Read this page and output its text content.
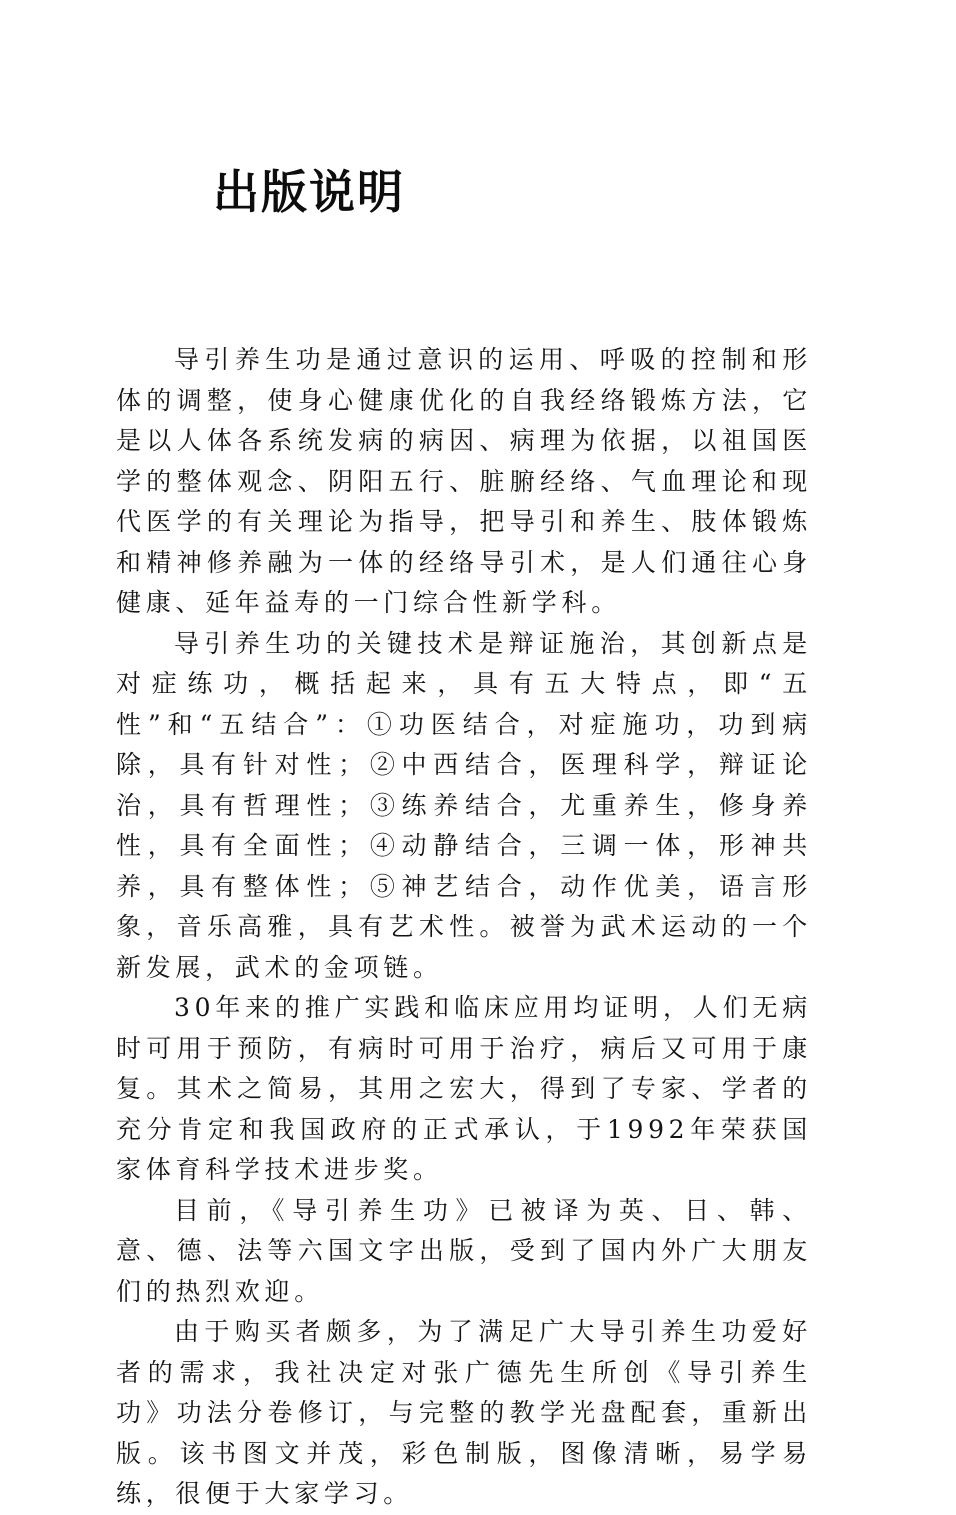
出版说明

导引养生功是通过意识的运用、呼吸的控制和形体的调整，使身心健康优化的自我经络锻炼方法，它是以人体各系统发病的病因、病理为依据，以祖国医学的整体观念、阴阳五行、脏腑经络、气血理论和现代医学的有关理论为指导，把导引和养生、肢体锻炼和精神修养融为一体的经络导引术，是人们通往心身健康、延年益寿的一门综合性新学科。

导引养生功的关键技术是辩证施治，其创新点是对症练功，概括起来，具有五大特点，即“五性”和“五结合”：①功医结合，对症施功，功到病除，具有针对性；②中西结合，医理科学，辩证论治，具有哲理性；③练养结合，尤重养生，修身养性，具有全面性；④动静结合，三调一体，形神共养，具有整体性；⑤神艺结合，动作优美，语言形象，音乐高雅，具有艺术性。被誉为武术运动的一个新发展，武术的金项链。

30年来的推广实践和临床应用均证明，人们无病时可用于预防，有病时可用于治疗，病后又可用于康复。其术之简易，其用之宏大，得到了专家、学者的充分肯定和我国政府的正式承认，于1992年荣获国家体育科学技术进步奖。

目前，《导引养生功》已被译为英、日、韩、意、德、法等六国文字出版，受到了国内外广大朋友们的热烈欢迎。

由于购买者颇多，为了满足广大导引养生功爱好者的需求，我社决定对张广德先生所创《导引养生功》功法分卷修订，与完整的教学光盘配套，重新出版。该书图文并茂，彩色制版，图像清晰，易学易练，很便于大家学习。
